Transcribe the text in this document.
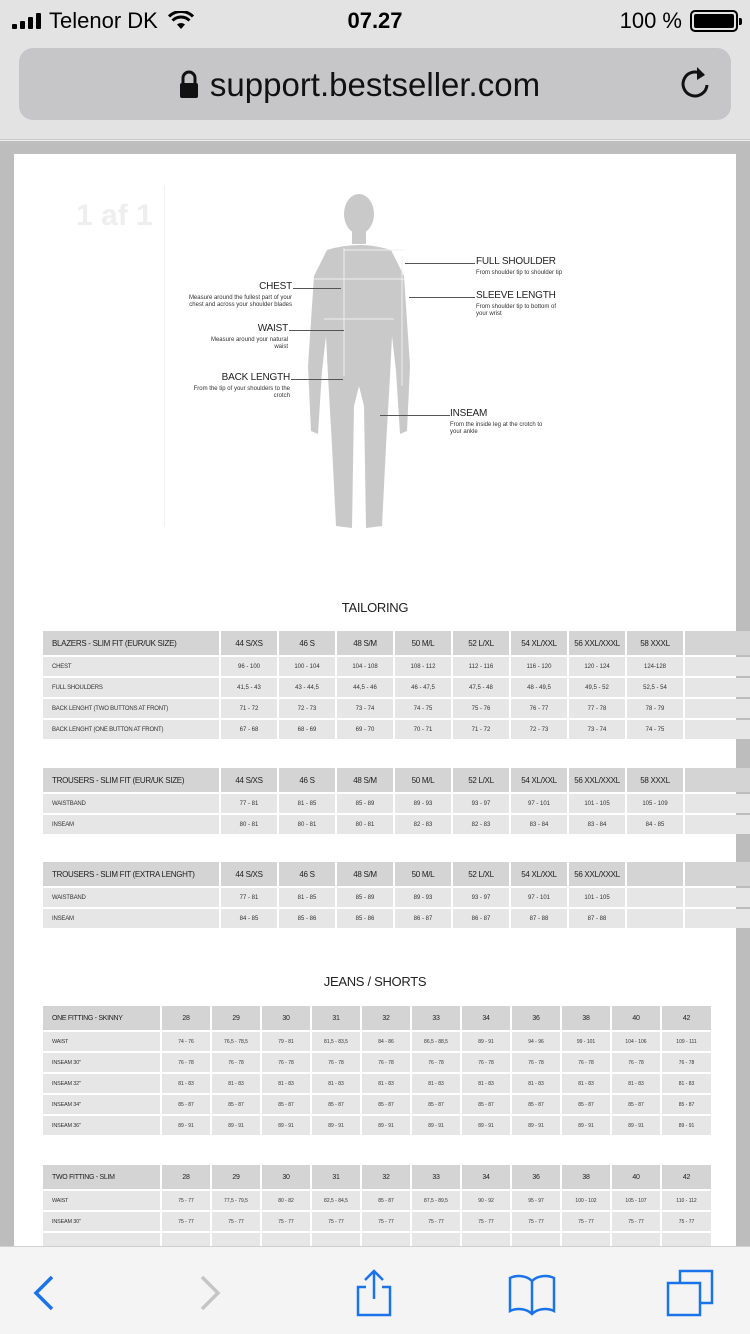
Telenor DK	07.27	100 %
support.bestseller.com
1 af 1
CHEST
Measure around the fullest part of your chest and across your shoulder blades
WAIST
Measure around your natural waist
BACK LENGTH
From the tip of your shoulders to the crotch
FULL SHOULDER
From shoulder tip to shoulder tip
SLEEVE LENGTH
From shoulder tip to bottom of your wrist
INSEAM
From the inside leg at the crotch to your ankle
TAILORING
BLAZERS - SLIM FIT (EUR/UK SIZE)	44 S/XS	46 S	48 S/M	50 M/L	52 L/XL	54 XL/XXL	56 XXL/XXXL	58 XXXL	
CHEST	96 - 100	100 - 104	104 - 108	108 - 112	112 - 116	116 - 120	120 - 124	124-128	
FULL SHOULDERS	41,5 - 43	43 - 44,5	44,5 - 46	46 - 47,5	47,5 - 48	48 - 49,5	49,5 - 52	52,5 - 54	
BACK LENGHT (TWO BUTTONS AT FRONT)	71 - 72	72 - 73	73 - 74	74 - 75	75 - 76	76 - 77	77 - 78	78 - 79	
BACK LENGHT (ONE BUTTON AT FRONT)	67 - 68	68 - 69	69 - 70	70 - 71	71 - 72	72 - 73	73 - 74	74 - 75	
TROUSERS - SLIM FIT (EUR/UK SIZE)	44 S/XS	46 S	48 S/M	50 M/L	52 L/XL	54 XL/XXL	56 XXL/XXXL	58 XXXL	
WAISTBAND	77 - 81	81 - 85	85 - 89	89 - 93	93 - 97	97 - 101	101 - 105	105 - 109	
INSEAM	80 - 81	80 - 81	80 - 81	82 - 83	82 - 83	83 - 84	83 - 84	84 - 85	
TROUSERS - SLIM FIT (EXTRA LENGHT)	44 S/XS	46 S	48 S/M	50 M/L	52 L/XL	54 XL/XXL	56 XXL/XXXL		
WAISTBAND	77 - 81	81 - 85	85 - 89	89 - 93	93 - 97	97 - 101	101 - 105		
INSEAM	84 - 85	85 - 86	85 - 86	86 - 87	86 - 87	87 - 88	87 - 88		
JEANS / SHORTS
ONE FITTING - SKINNY	28	29	30	31	32	33	34	36	38	40	42
WAIST	74 - 76	76,5 - 78,5	79 - 81	81,5 - 83,5	84 - 86	86,5 - 88,5	89 - 91	94 - 96	99 - 101	104 - 106	109 - 111
INSEAM 30"	76 - 78	76 - 78	76 - 78	76 - 78	76 - 78	76 - 78	76 - 78	76 - 78	76 - 78	76 - 78	76 - 78
INSEAM 32"	81 - 83	81 - 83	81 - 83	81 - 83	81 - 83	81 - 83	81 - 83	81 - 83	81 - 83	81 - 83	81 - 83
INSEAM 34"	85 - 87	85 - 87	85 - 87	85 - 87	85 - 87	85 - 87	85 - 87	85 - 87	85 - 87	85 - 87	85 - 87
INSEAM 36"	89 - 91	89 - 91	89 - 91	89 - 91	89 - 91	89 - 91	89 - 91	89 - 91	89 - 91	89 - 91	89 - 91
TWO FITTING - SLIM	28	29	30	31	32	33	34	36	38	40	42
WAIST	75 - 77	77,5 - 79,5	80 - 82	82,5 - 84,5	85 - 87	87,5 - 89,5	90 - 92	95 - 97	100 - 102	105 - 107	110 - 112
INSEAM 30"	75 - 77	75 - 77	75 - 77	75 - 77	75 - 77	75 - 77	75 - 77	75 - 77	75 - 77	75 - 77	75 - 77
